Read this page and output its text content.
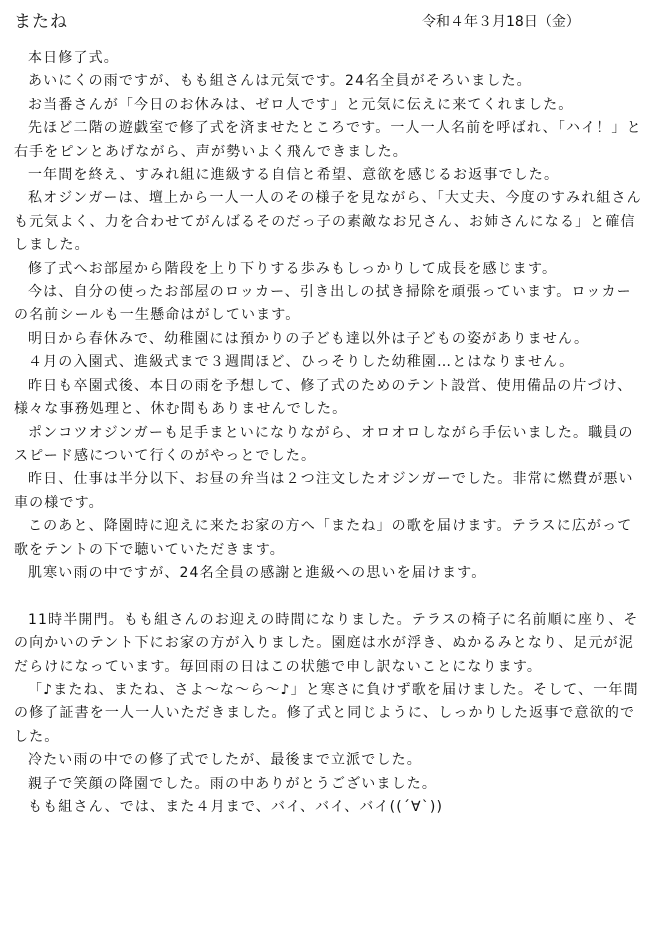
またね	令和４年３月18日（金）

本日修了式。

あいにくの雨ですが、もも組さんは元気です。24名全員がそろいました。

お当番さんが「今日のお休みは、ゼロ人です」と元気に伝えに来てくれました。

先ほど二階の遊戯室で修了式を済ませたところです。一人一人名前を呼ばれ、「ハイ！」と右手をピンとあげながら、声が勢いよく飛んできました。

一年間を終え、すみれ組に進級する自信と希望、意欲を感じるお返事でした。

私オジンガーは、壇上から一人一人のその様子を見ながら、「大丈夫、今度のすみれ組さんも元気よく、力を合わせてがんばるそのだっ子の素敵なお兄さん、お姉さんになる」と確信しました。

修了式へお部屋から階段を上り下りする歩みもしっかりして成長を感じます。

今は、自分の使ったお部屋のロッカー、引き出しの拭き掃除を頑張っています。ロッカーの名前シールも一生懸命はがしています。

明日から春休みで、幼稚園には預かりの子ども達以外は子どもの姿がありません。

４月の入園式、進級式まで３週間ほど、ひっそりした幼稚園…とはなりません。

昨日も卒園式後、本日の雨を予想して、修了式のためのテント設営、使用備品の片づけ、様々な事務処理と、休む間もありませんでした。

ポンコツオジンガーも足手まといになりながら、オロオロしながら手伝いました。職員のスピード感について行くのがやっとでした。

昨日、仕事は半分以下、お昼の弁当は２つ注文したオジンガーでした。非常に燃費が悪い車の様です。

このあと、降園時に迎えに来たお家の方へ「またね」の歌を届けます。テラスに広がって歌をテントの下で聴いていただきます。

肌寒い雨の中ですが、24名全員の感謝と進級への思いを届けます。

11時半開門。もも組さんのお迎えの時間になりました。テラスの椅子に名前順に座り、その向かいのテント下にお家の方が入りました。園庭は水が浮き、ぬかるみとなり、足元が泥だらけになっています。毎回雨の日はこの状態で申し訳ないことになります。

「♪またね、またね、さよ～な～ら～♪」と寒さに負けず歌を届けました。そして、一年間の修了証書を一人一人いただきました。修了式と同じように、しっかりした返事で意欲的でした。

冷たい雨の中での修了式でしたが、最後まで立派でした。

親子で笑顔の降園でした。雨の中ありがとうございました。

もも組さん、では、また４月まで、バイ、バイ、バイ((´∀`))
